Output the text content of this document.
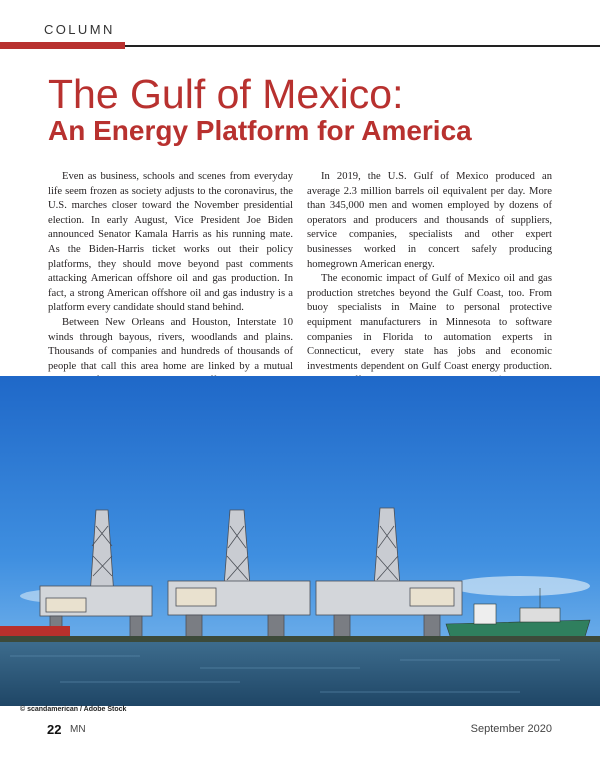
COLUMN
The Gulf of Mexico:
An Energy Platform for America

Even as business, schools and scenes from everyday life seem frozen as society adjusts to the coronavirus, the U.S. marches closer toward the November presidential election. In early August, Vice President Joe Biden announced Senator Kamala Harris as his running mate. As the Biden-Harris ticket works out their policy platforms, they should move beyond past comments attacking American offshore oil and gas production. In fact, a strong American offshore oil and gas industry is a platform every candidate should stand behind.

Between New Orleans and Houston, Interstate 10 winds through bayous, rivers, woodlands and plains. Thousands of companies and hundreds of thousands of people that call this area home are linked by a mutual

In 2019, the U.S. Gulf of Mexico produced an average 2.3 million barrels oil equivalent per day. More than 345,000 men and women employed by dozens of operators and producers and thousands of suppliers, service companies, specialists and other expert businesses worked in concert safely producing homegrown American energy.

The economic impact of Gulf of Mexico oil and gas production stretches beyond the Gulf Coast, too. From buoy specialists in Maine to personal protective equipment manufacturers in Minnesota to software companies in Florida to automation experts in Connecticut, every state has jobs and economic investments dependent on Gulf Coast energy production.

© scandamerican / Adobe Stock
22 MN	September 2020
